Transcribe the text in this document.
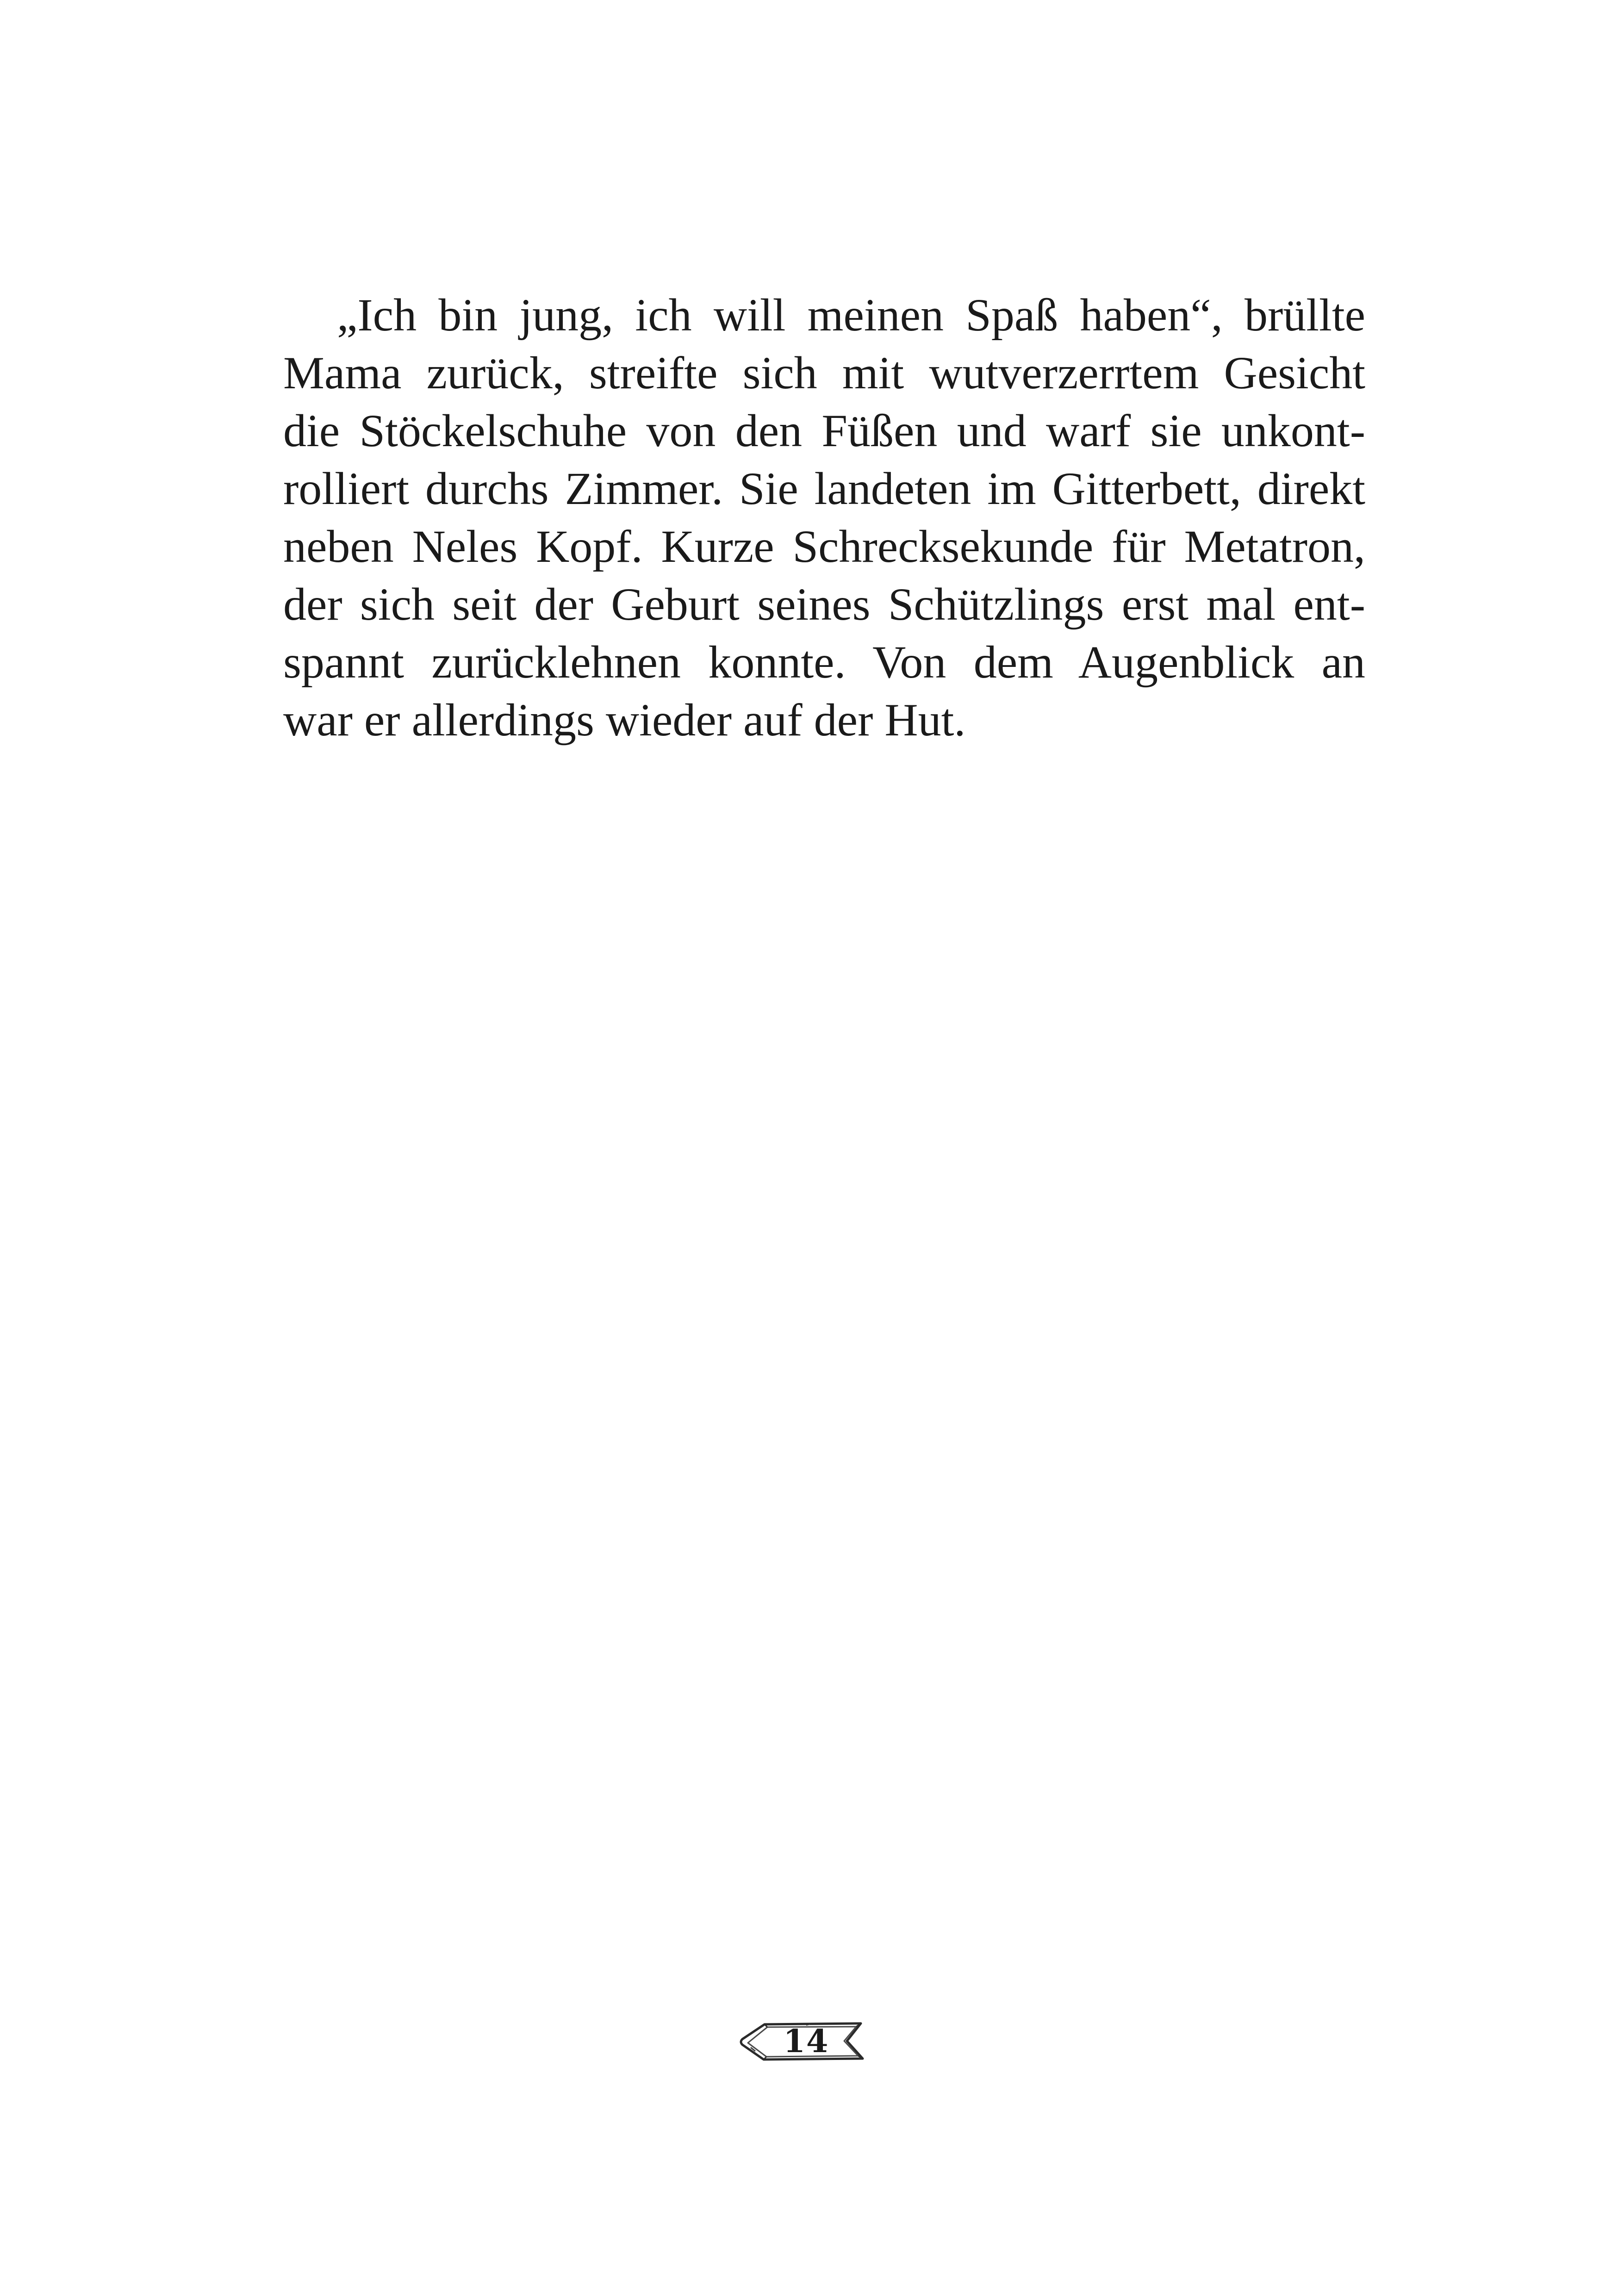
„Ich bin jung, ich will meinen Spaß haben“, brüllte
Mama zurück, streifte sich mit wutverzerrtem Gesicht
die Stöckelschuhe von den Füßen und warf sie unkont-
rolliert durchs Zimmer. Sie landeten im Gitterbett, direkt
neben Neles Kopf. Kurze Schrecksekunde für Metatron,
der sich seit der Geburt seines Schützlings erst mal ent-
spannt zurücklehnen konnte. Von dem Augenblick an
war er allerdings wieder auf der Hut.
14
